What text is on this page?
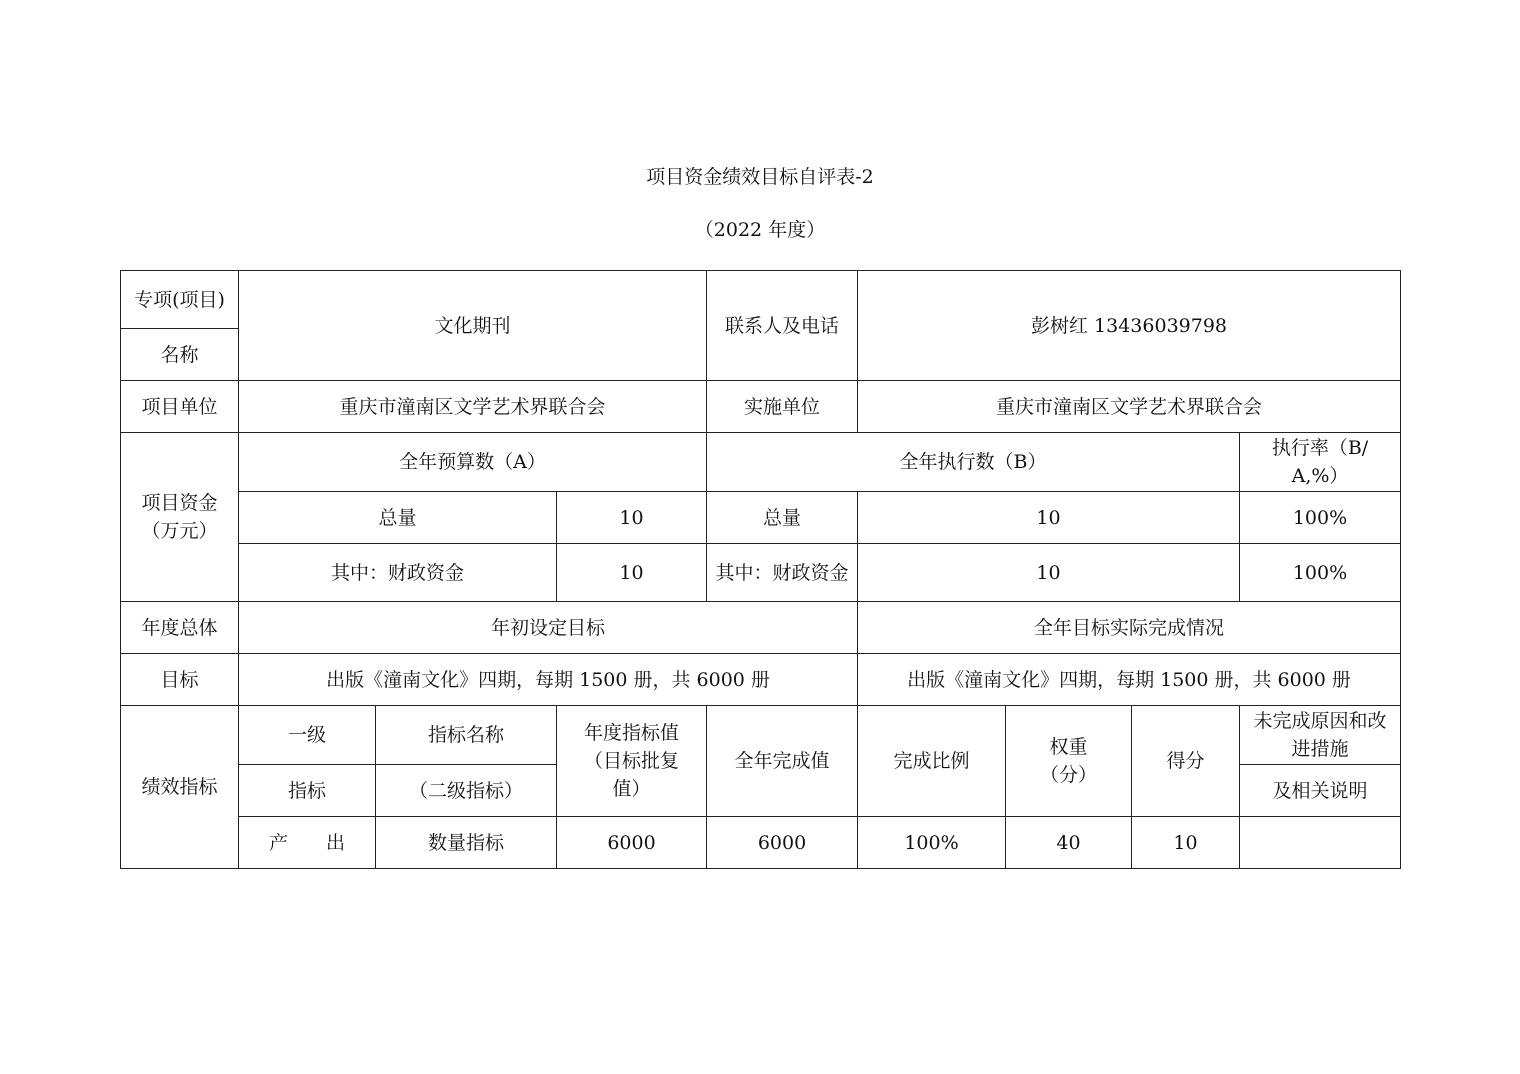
项目资金绩效目标自评表-2
（2022 年度）
专项(项目)	文化期刊			联系人及电话	彭树红 13436039798			
名称								
项目单位	重庆市潼南区文学艺术界联合会			实施单位	重庆市潼南区文学艺术界联合会			
项目资金（万元）	全年预算数（A）			全年执行数（B）				执行率（B/A,%）
	总量		10	总量	10			100%
	其中：财政资金		10	其中：财政资金	10			100%
年度总体	年初设定目标				全年目标实际完成情况			
目标	出版《潼南文化》四期，每期 1500 册，共 6000 册				出版《潼南文化》四期，每期 1500 册，共 6000 册			
绩效指标	一级	指标名称	年度指标值（目标批复值）	全年完成值	完成比例	权重（分）	得分	未完成原因和改进措施
	指标	（二级指标）						及相关说明
	产 出	数量指标	6000	6000	100%	40	10	
